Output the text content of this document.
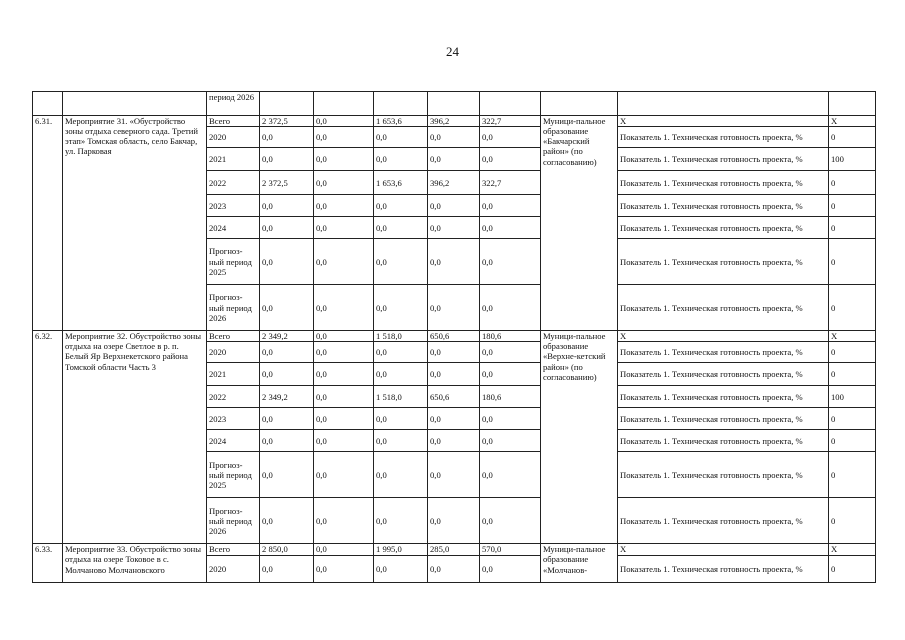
24
		период 2026								
6.31.	Мероприятие 31. «Обустройство зоны отдыха северного сада. Третий этап» Томская область, село Бакчар, ул. Парковая	Всего	2 372,5	0,0	1 653,6	396,2	322,7	Муници-пальное образование «Бакчарский район» (по согласованию)	X	X
		2020	0,0	0,0	0,0	0,0	0,0		Показатель 1. Техническая готовность проекта, %	0
		2021	0,0	0,0	0,0	0,0	0,0		Показатель 1. Техническая готовность проекта, %	100
		2022	2 372,5	0,0	1 653,6	396,2	322,7		Показатель 1. Техническая готовность проекта, %	0
		2023	0,0	0,0	0,0	0,0	0,0		Показатель 1. Техническая готовность проекта, %	0
		2024	0,0	0,0	0,0	0,0	0,0		Показатель 1. Техническая готовность проекта, %	0
		Прогноз-ный период 2025	0,0	0,0	0,0	0,0	0,0		Показатель 1. Техническая готовность проекта, %	0
		Прогноз-ный период 2026	0,0	0,0	0,0	0,0	0,0		Показатель 1. Техническая готовность проекта, %	0
6.32.	Мероприятие 32. Обустройство зоны отдыха на озере Светлое в р. п. Белый Яр Верхнекетского района Томской области Часть 3	Всего	2 349,2	0,0	1 518,0	650,6	180,6	Муници-пальное образование «Верхне-кетский район» (по согласованию)	X	X
		2020	0,0	0,0	0,0	0,0	0,0		Показатель 1. Техническая готовность проекта, %	0
		2021	0,0	0,0	0,0	0,0	0,0		Показатель 1. Техническая готовность проекта, %	0
		2022	2 349,2	0,0	1 518,0	650,6	180,6		Показатель 1. Техническая готовность проекта, %	100
		2023	0,0	0,0	0,0	0,0	0,0		Показатель 1. Техническая готовность проекта, %	0
		2024	0,0	0,0	0,0	0,0	0,0		Показатель 1. Техническая готовность проекта, %	0
		Прогноз-ный период 2025	0,0	0,0	0,0	0,0	0,0		Показатель 1. Техническая готовность проекта, %	0
		Прогноз-ный период 2026	0,0	0,0	0,0	0,0	0,0		Показатель 1. Техническая готовность проекта, %	0
6.33.	Мероприятие 33. Обустройство зоны отдыха на озере Токовое в с. Молчаново Молчановского	Всего	2 850,0	0,0	1 995,0	285,0	570,0	Муници-пальное образование «Молчанов-	X	X
		2020	0,0	0,0	0,0	0,0	0,0		Показатель 1. Техническая готовность проекта, %	0
